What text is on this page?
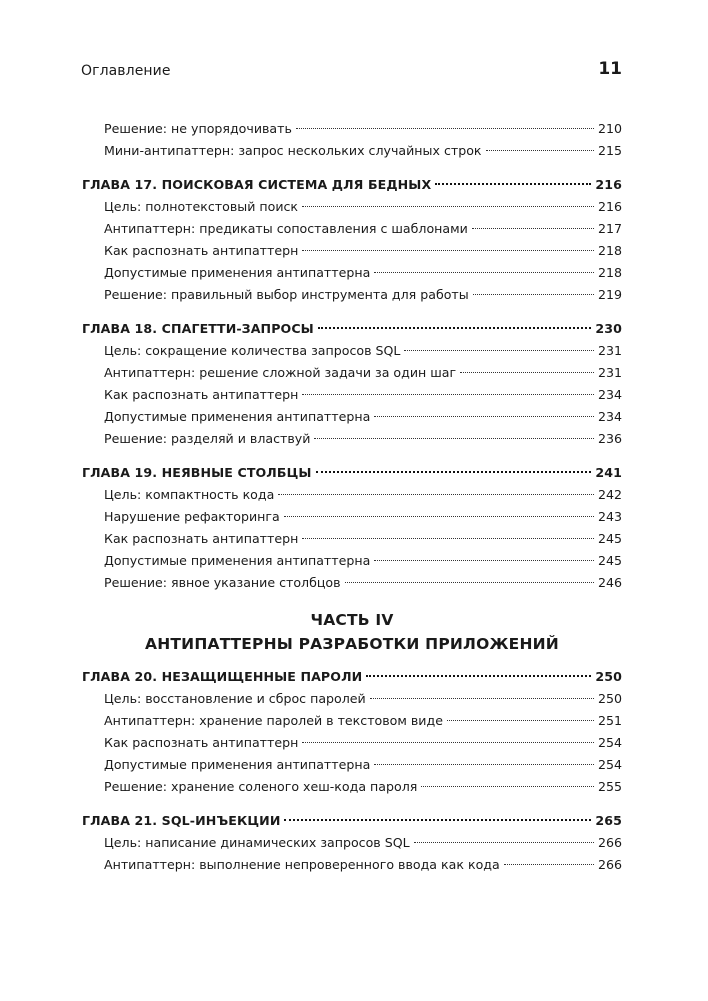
Оглавление	11
Решение: не упорядочивать	210
Мини-антипаттерн: запрос нескольких случайных строк	215
ГЛАВА 17. ПОИСКОВАЯ СИСТЕМА ДЛЯ БЕДНЫХ	216
Цель: полнотекстовый поиск	216
Антипаттерн: предикаты сопоставления с шаблонами	217
Как распознать антипаттерн	218
Допустимые применения антипаттерна	218
Решение: правильный выбор инструмента для работы	219
ГЛАВА 18. СПАГЕТТИ-ЗАПРОСЫ	230
Цель: сокращение количества запросов SQL	231
Антипаттерн: решение сложной задачи за один шаг	231
Как распознать антипаттерн	234
Допустимые применения антипаттерна	234
Решение: разделяй и властвуй	236
ГЛАВА 19. НЕЯВНЫЕ СТОЛБЦЫ	241
Цель: компактность кода	242
Нарушение рефакторинга	243
Как распознать антипаттерн	245
Допустимые применения антипаттерна	245
Решение: явное указание столбцов	246
ЧАСТЬ IV
АНТИПАТТЕРНЫ РАЗРАБОТКИ ПРИЛОЖЕНИЙ
ГЛАВА 20. НЕЗАЩИЩЕННЫЕ ПАРОЛИ	250
Цель: восстановление и сброс паролей	250
Антипаттерн: хранение паролей в текстовом виде	251
Как распознать антипаттерн	254
Допустимые применения антипаттерна	254
Решение: хранение соленого хеш-кода пароля	255
ГЛАВА 21. SQL-ИНЪЕКЦИИ	265
Цель: написание динамических запросов SQL	266
Антипаттерн: выполнение непроверенного ввода как кода	266
